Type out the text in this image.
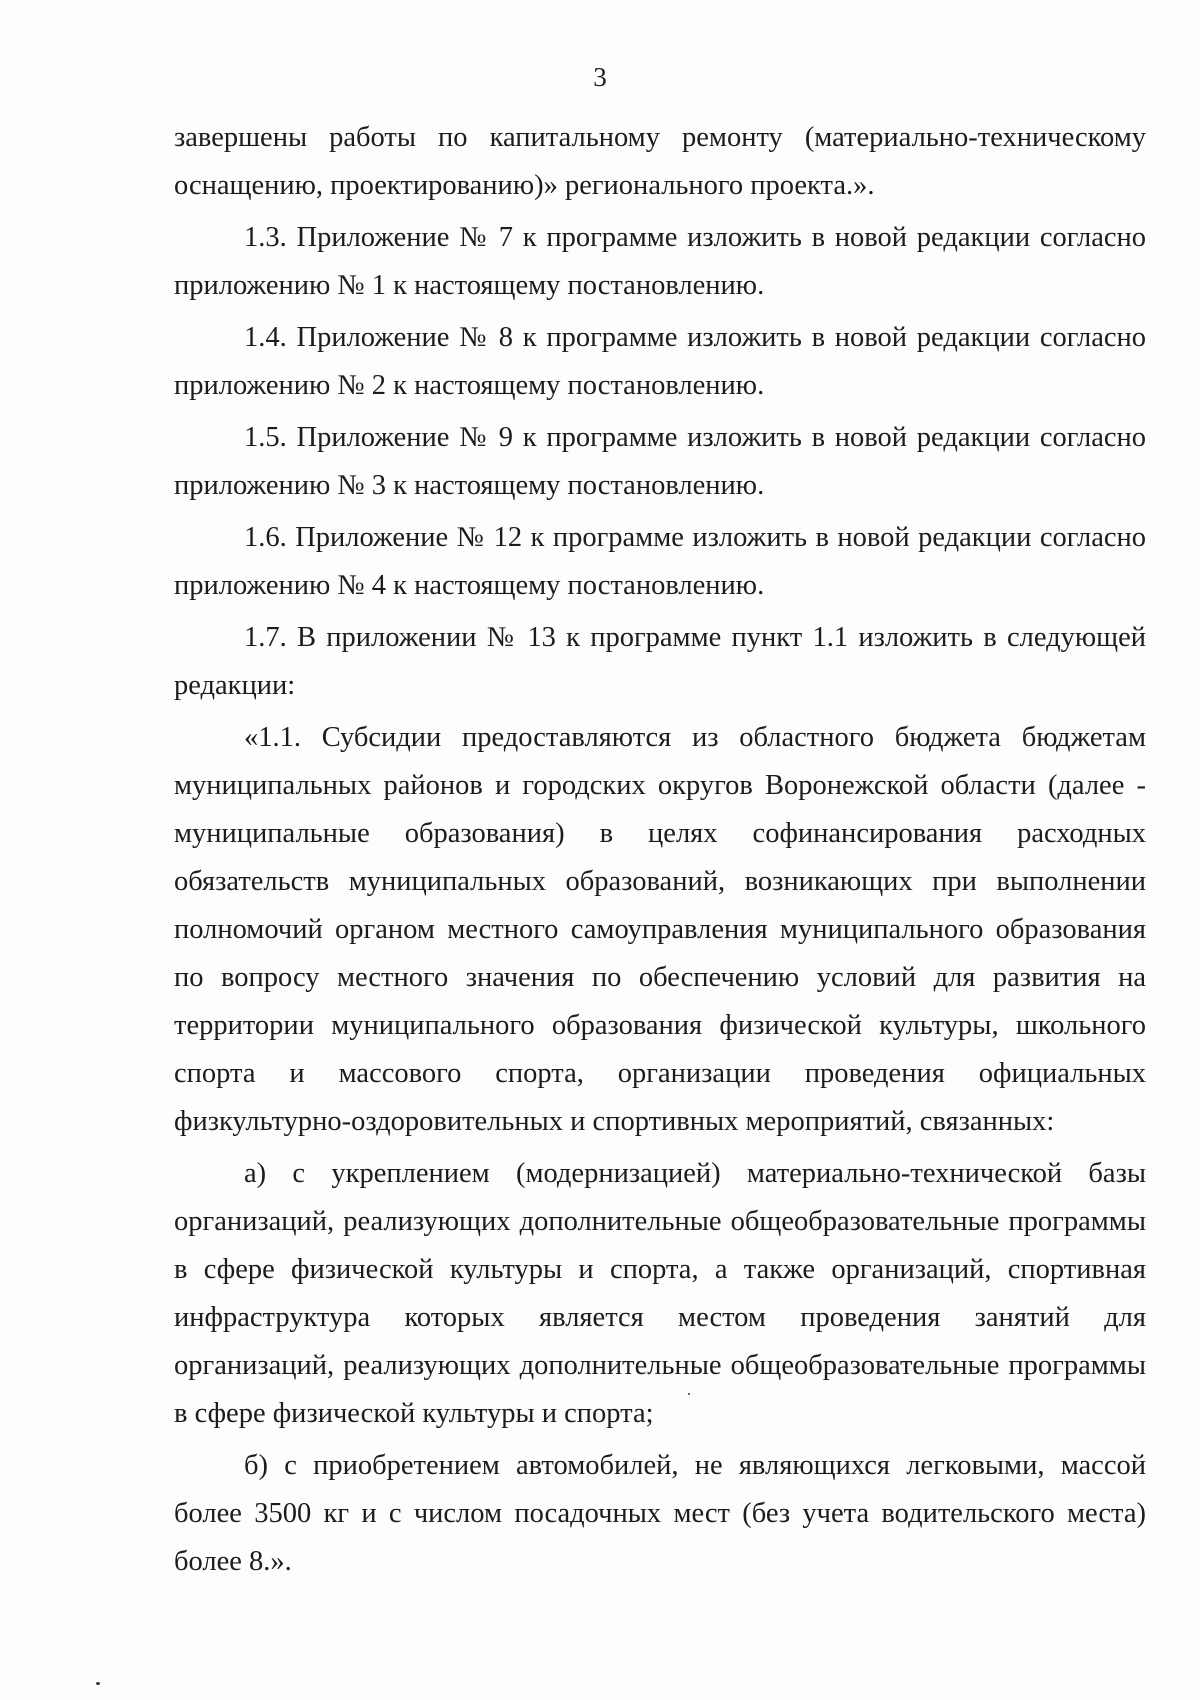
3

завершены работы по капитальному ремонту (материально-техническому оснащению, проектированию)» регионального проекта.».

1.3. Приложение № 7 к программе изложить в новой редакции согласно приложению № 1 к настоящему постановлению.

1.4. Приложение № 8 к программе изложить в новой редакции согласно приложению № 2 к настоящему постановлению.

1.5. Приложение № 9 к программе изложить в новой редакции согласно приложению № 3 к настоящему постановлению.

1.6. Приложение № 12 к программе изложить в новой редакции согласно приложению № 4 к настоящему постановлению.

1.7. В приложении № 13 к программе пункт 1.1 изложить в следующей редакции:

«1.1. Субсидии предоставляются из областного бюджета бюджетам муниципальных районов и городских округов Воронежской области (далее - муниципальные образования) в целях софинансирования расходных обязательств муниципальных образований, возникающих при выполнении полномочий органом местного самоуправления муниципального образования по вопросу местного значения по обеспечению условий для развития на территории муниципального образования физической культуры, школьного спорта и массового спорта, организации проведения официальных физкультурно-оздоровительных и спортивных мероприятий, связанных:

а) с укреплением (модернизацией) материально-технической базы организаций, реализующих дополнительные общеобразовательные программы в сфере физической культуры и спорта, а также организаций, спортивная инфраструктура которых является местом проведения занятий для организаций, реализующих дополнительные общеобразовательные программы в сфере физической культуры и спорта;

б) с приобретением автомобилей, не являющихся легковыми, массой более 3500 кг и с числом посадочных мест (без учета водительского места) более 8.».
